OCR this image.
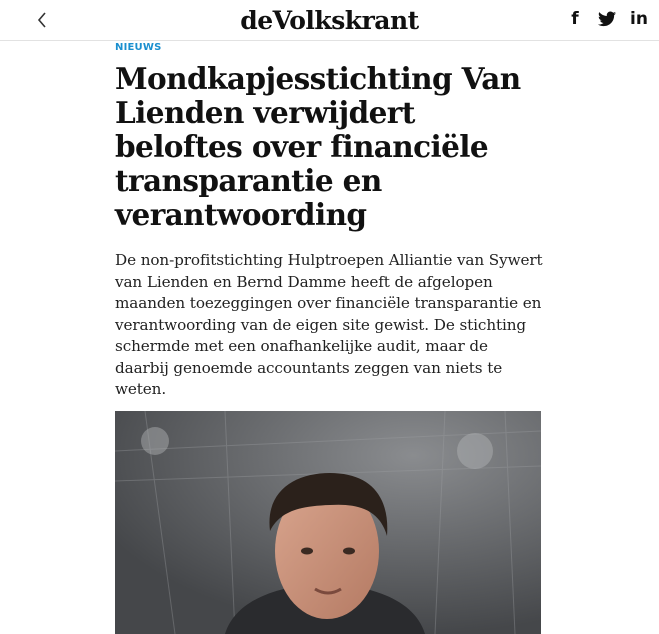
deVolkskrant	f	in
NIEUWS
Mondkapjesstichting Van Lienden verwijdert beloftes over financiële transparantie en verantwoording

De non-profitstichting Hulptroepen Alliantie van Sywert van Lienden en Bernd Damme heeft de afgelopen maanden toezeggingen over financiële transparantie en verantwoording van de eigen site gewist. De stichting schermde met een onafhankelijke audit, maar de daarbij genoemde accountants zeggen van niets te weten.
